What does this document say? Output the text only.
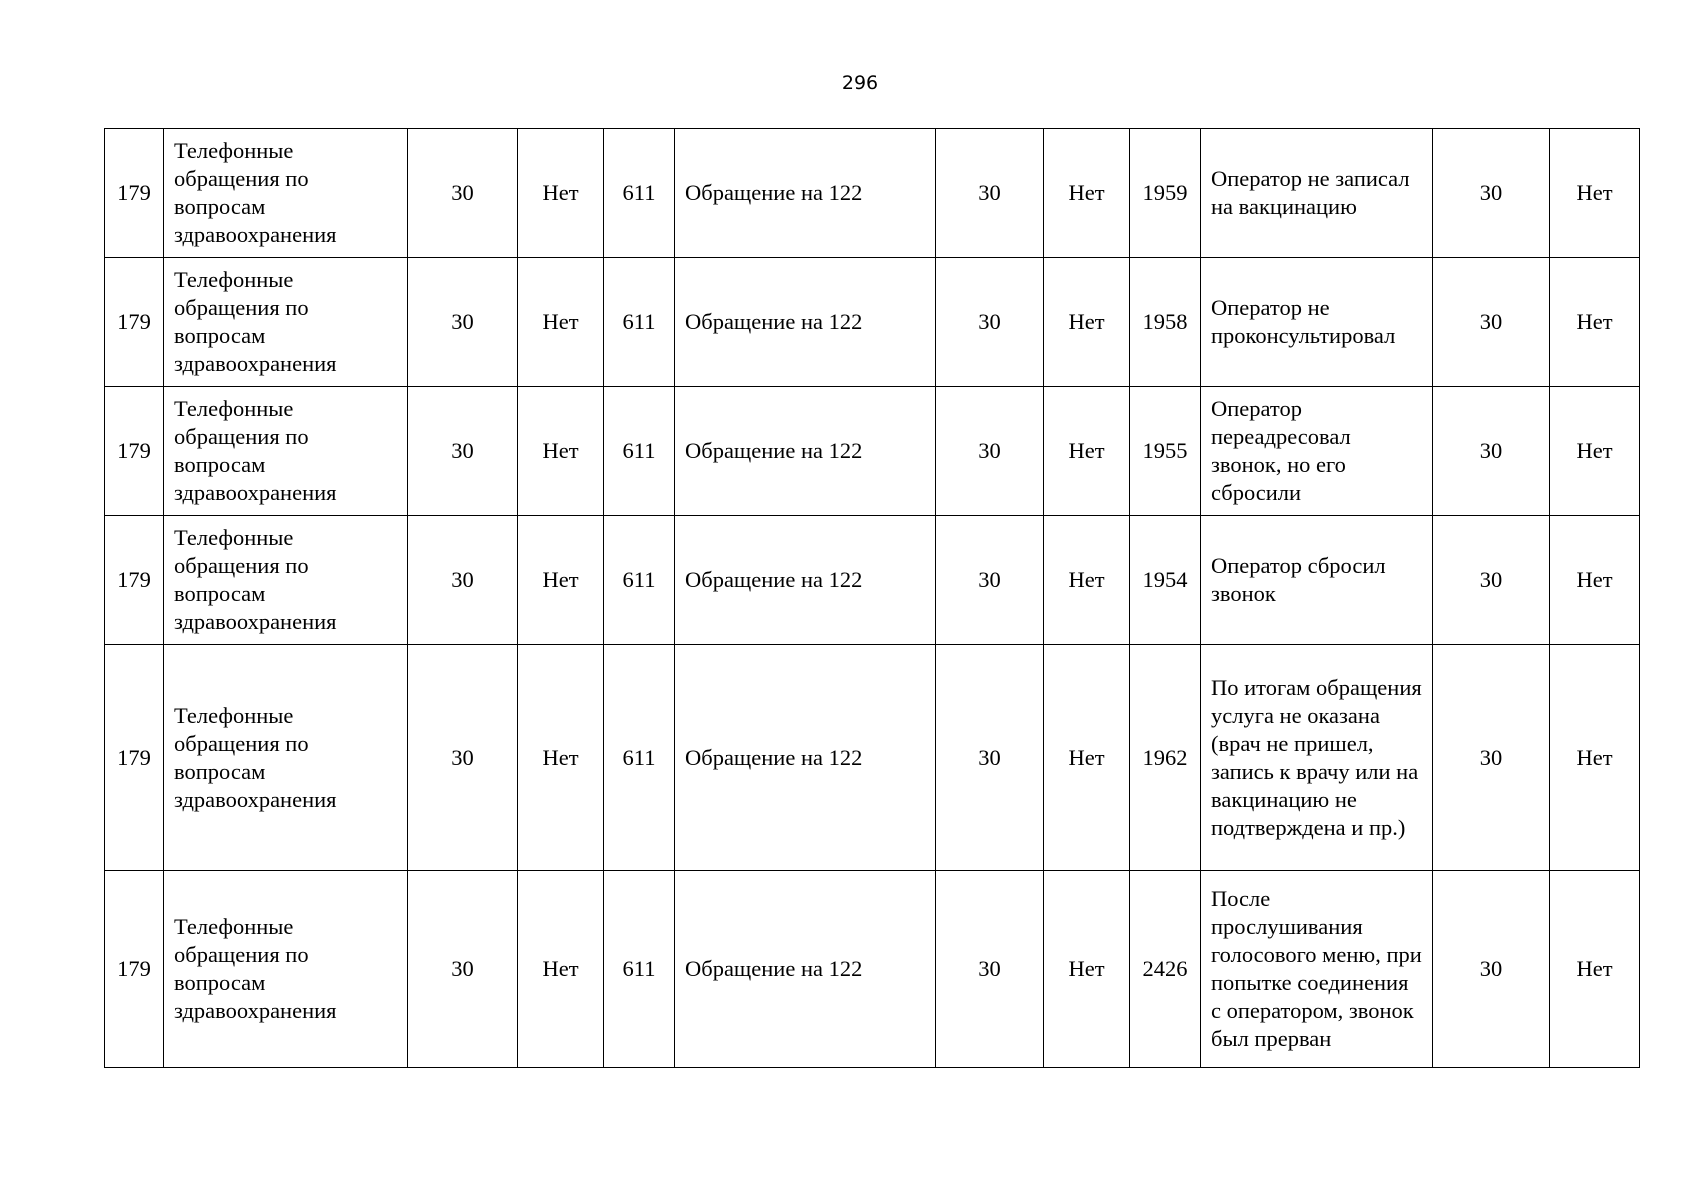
296
179	Телефонные обращения по вопросам здравоохранения	30	Нет	611	Обращение на 122	30	Нет	1959	Оператор не записал на вакцинацию	30	Нет
179	Телефонные обращения по вопросам здравоохранения	30	Нет	611	Обращение на 122	30	Нет	1958	Оператор не проконсультировал	30	Нет
179	Телефонные обращения по вопросам здравоохранения	30	Нет	611	Обращение на 122	30	Нет	1955	Оператор переадресовал звонок, но его сбросили	30	Нет
179	Телефонные обращения по вопросам здравоохранения	30	Нет	611	Обращение на 122	30	Нет	1954	Оператор сбросил звонок	30	Нет
179	Телефонные обращения по вопросам здравоохранения	30	Нет	611	Обращение на 122	30	Нет	1962	По итогам обращения услуга не оказана (врач не пришел, запись к врачу или на вакцинацию не подтверждена и пр.)	30	Нет
179	Телефонные обращения по вопросам здравоохранения	30	Нет	611	Обращение на 122	30	Нет	2426	После прослушивания голосового меню, при попытке соединения с оператором, звонок был прерван	30	Нет
